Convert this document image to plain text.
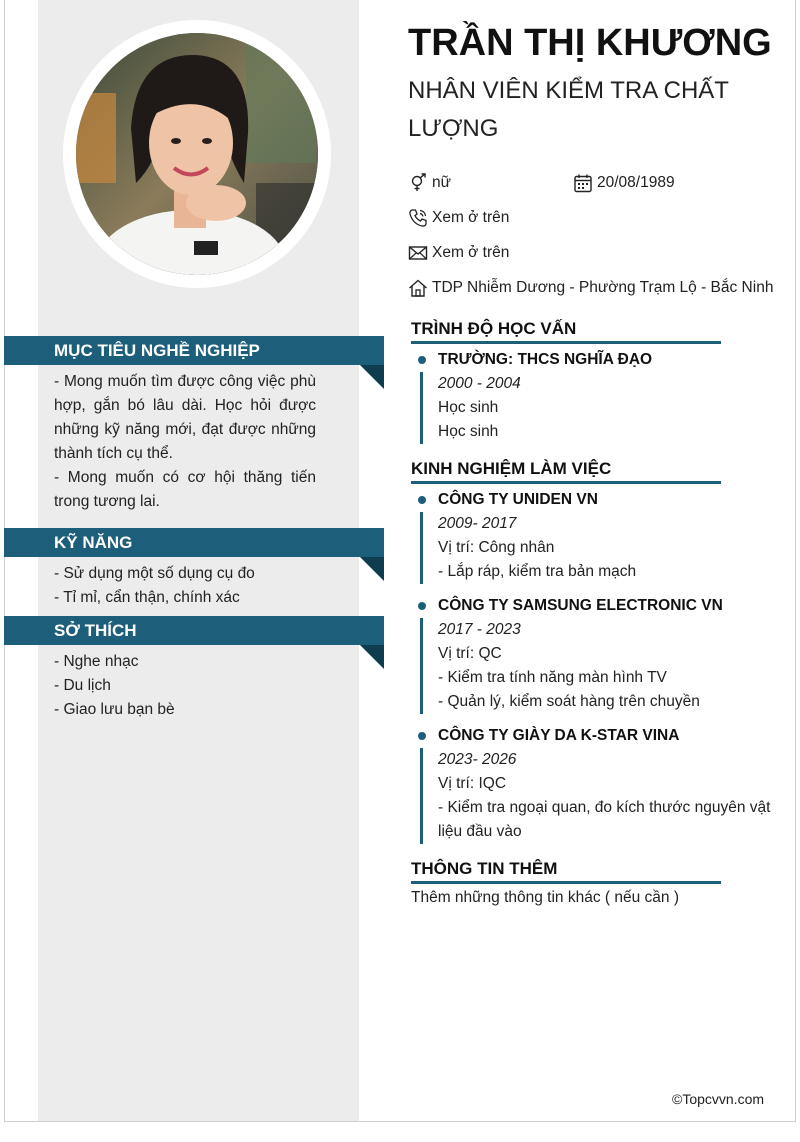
MỤC TIÊU NGHỀ NGHIỆP
- Mong muốn tìm được công việc phù hợp, gắn bó lâu dài. Học hỏi được những kỹ năng mới, đạt được những thành tích cụ thể.
- Mong muốn có cơ hội thăng tiến trong tương lai.
KỸ NĂNG
- Sử dụng một số dụng cụ đo
- Tỉ mỉ, cẩn thận, chính xác
SỞ THÍCH
- Nghe nhạc
- Du lịch
- Giao lưu bạn bè
TRẦN THỊ KHƯƠNG
NHÂN VIÊN KIỂM TRA CHẤT LƯỢNG
nữ	20/08/1989
Xem ở trên
Xem ở trên
TDP Nhiễm Dương - Phường Trạm Lộ - Bắc Ninh
TRÌNH ĐỘ HỌC VẤN
TRƯỜNG: THCS NGHĨA ĐẠO
2000 - 2004
Học sinh
Học sinh
KINH NGHIỆM LÀM VIỆC
CÔNG TY UNIDEN VN
2009- 2017
Vị trí: Công nhân
- Lắp ráp, kiểm tra bản mạch
CÔNG TY SAMSUNG ELECTRONIC VN
2017 - 2023
Vị trí: QC
- Kiểm tra tính năng màn hình TV
- Quản lý, kiểm soát hàng trên chuyền
CÔNG TY GIÀY DA K-STAR VINA
2023- 2026
Vị trí: IQC
- Kiểm tra ngoại quan, đo kích thước nguyên vật liệu đầu vào
THÔNG TIN THÊM
Thêm những thông tin khác ( nếu cần )
©Topcvvn.com
